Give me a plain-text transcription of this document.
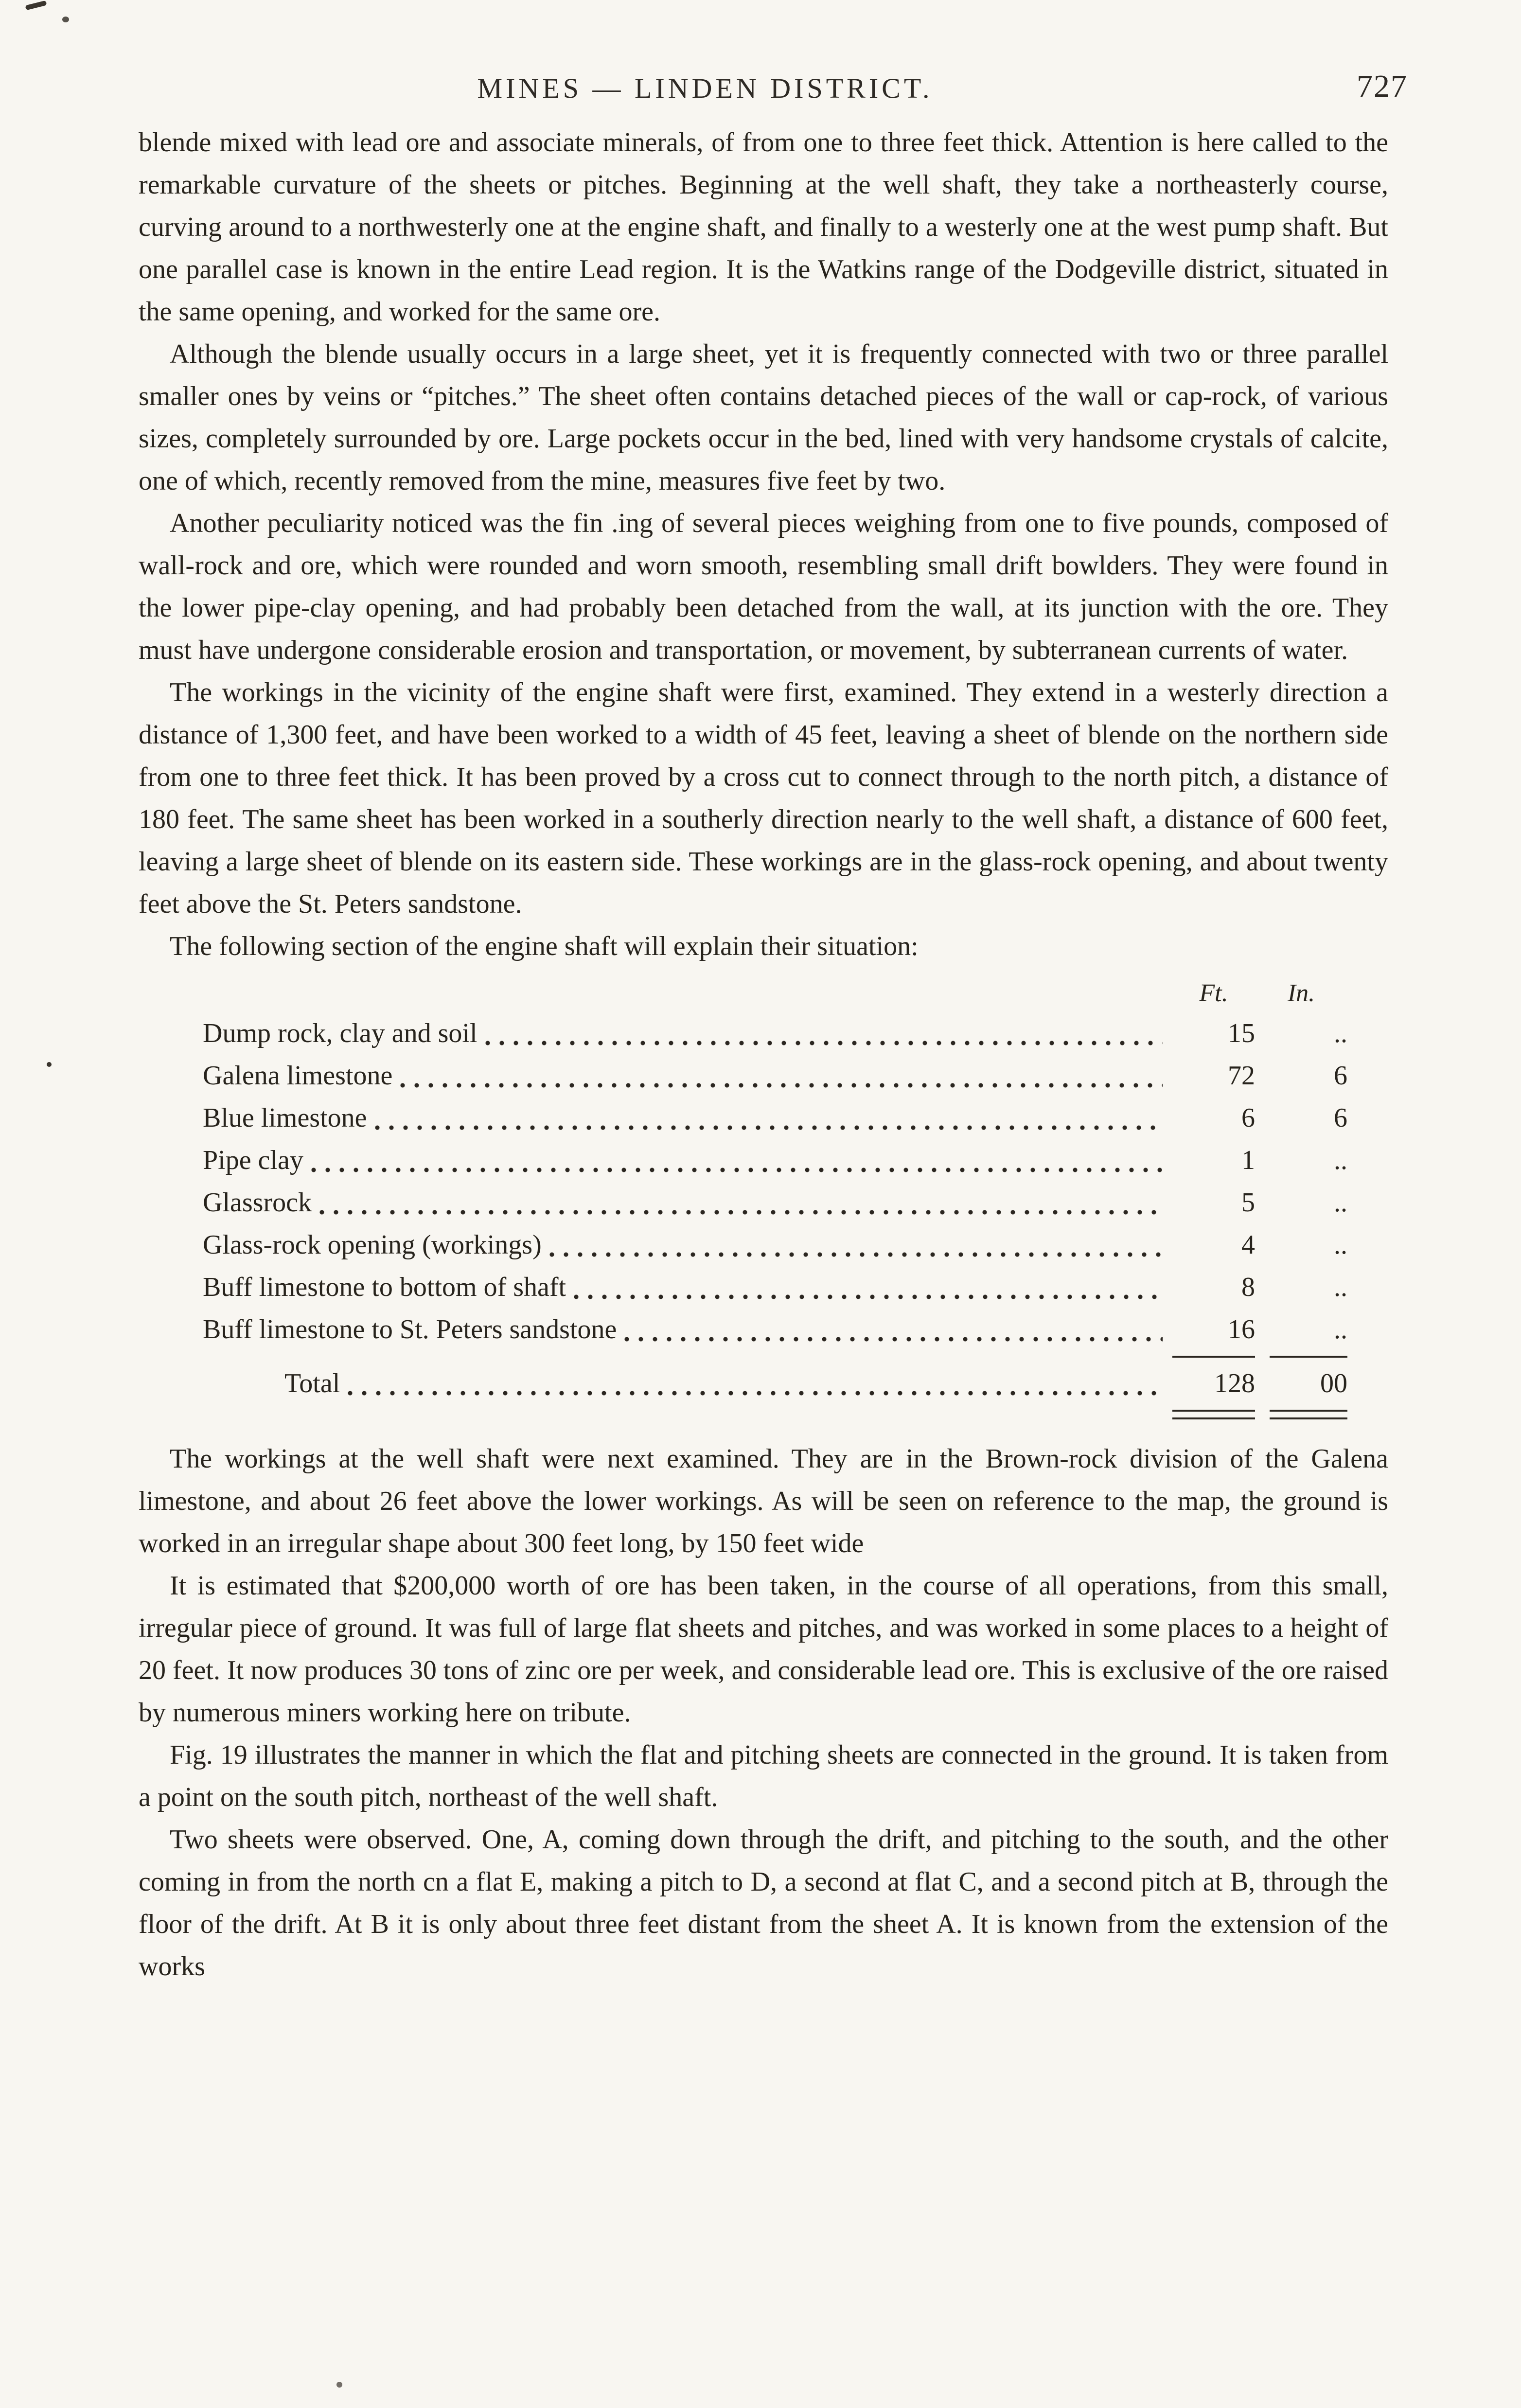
MINES — LINDEN DISTRICT.	727

blende mixed with lead ore and associate minerals, of from one to three feet thick. Attention is here called to the remarkable curvature of the sheets or pitches. Beginning at the well shaft, they take a northeasterly course, curving around to a northwesterly one at the engine shaft, and finally to a westerly one at the west pump shaft. But one parallel case is known in the entire Lead region. It is the Watkins range of the Dodgeville district, situated in the same opening, and worked for the same ore.

Although the blende usually occurs in a large sheet, yet it is frequently connected with two or three parallel smaller ones by veins or “pitches.” The sheet often contains detached pieces of the wall or cap-rock, of various sizes, completely surrounded by ore. Large pockets occur in the bed, lined with very handsome crystals of calcite, one of which, recently removed from the mine, measures five feet by two.

Another peculiarity noticed was the fin .ing of several pieces weighing from one to five pounds, composed of wall-rock and ore, which were rounded and worn smooth, resembling small drift bowlders. They were found in the lower pipe-clay opening, and had probably been detached from the wall, at its junction with the ore. They must have undergone considerable erosion and transportation, or movement, by subterranean currents of water.

The workings in the vicinity of the engine shaft were first, examined. They extend in a westerly direction a distance of 1,300 feet, and have been worked to a width of 45 feet, leaving a sheet of blende on the northern side from one to three feet thick. It has been proved by a cross cut to connect through to the north pitch, a distance of 180 feet. The same sheet has been worked in a southerly direction nearly to the well shaft, a distance of 600 feet, leaving a large sheet of blende on its eastern side. These workings are in the glass-rock opening, and about twenty feet above the St. Peters sandstone.

The following section of the engine shaft will explain their situation:

Ft.	In.
Dump rock, clay and soil	15	..
Galena limestone	72	6
Blue limestone	6	6
Pipe clay	1	..
Glassrock	5	..
Glass-rock opening (workings)	4	..
Buff limestone to bottom of shaft	8	..
Buff limestone to St. Peters sandstone	16	..
Total	128	00

The workings at the well shaft were next examined. They are in the Brown-rock division of the Galena limestone, and about 26 feet above the lower workings. As will be seen on reference to the map, the ground is worked in an irregular shape about 300 feet long, by 150 feet wide

It is estimated that $200,000 worth of ore has been taken, in the course of all operations, from this small, irregular piece of ground. It was full of large flat sheets and pitches, and was worked in some places to a height of 20 feet. It now produces 30 tons of zinc ore per week, and considerable lead ore. This is exclusive of the ore raised by numerous miners working here on tribute.

Fig. 19 illustrates the manner in which the flat and pitching sheets are connected in the ground. It is taken from a point on the south pitch, northeast of the well shaft.

Two sheets were observed. One, A, coming down through the drift, and pitching to the south, and the other coming in from the north cn a flat E, making a pitch to D, a second at flat C, and a second pitch at B, through the floor of the drift. At B it is only about three feet distant from the sheet A. It is known from the extension of the works
